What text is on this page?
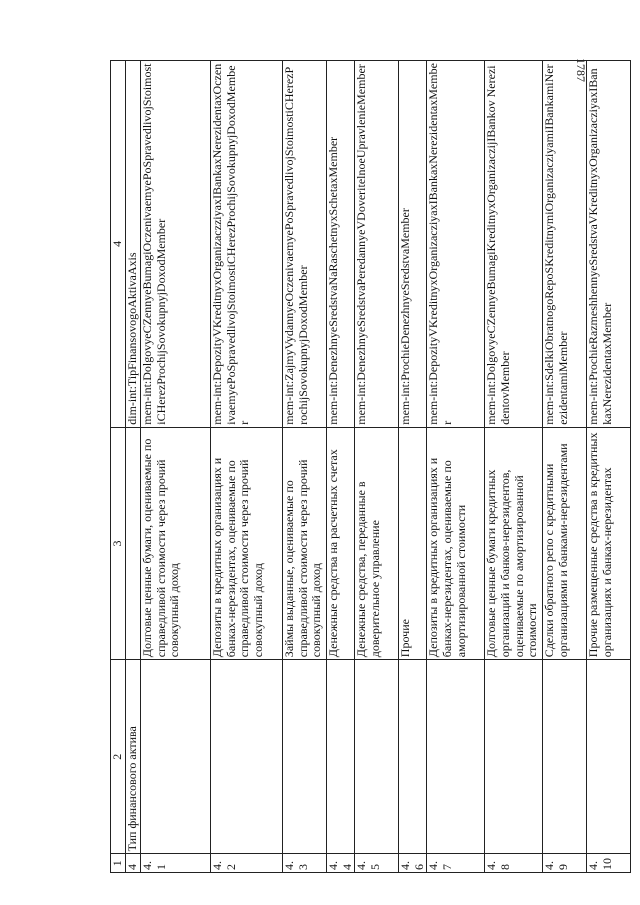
1787
1	2	3	4
4	Тип финансового актива		dim-int:TipFinansovogoAktivaAxis
4.1		Долговые ценные бумаги, оцениваемые по справедливой стоимости через прочий совокупный доход	mem-int:DolgovyeCZennyeBumagiOczenivaemyePoSpravedlivojStoimostiCHerezProchijSovokupnyjDoxodMember
4.2		Депозиты в кредитных организациях и банках-нерезидентах, оцениваемые по справедливой стоимости через прочий совокупный доход	mem-int:DepozityVKreditnyxOrganizaczziyaxIBankaxNerezidentaxOczenivaemyePoSpravedlivojStoimostiCHerezProchijSovokupnyjDoxodMember
4.3		Займы выданные, оцениваемые по справедливой стоимости через прочий совокупный доход	mem-int:ZajmyVydannyeOczenivaemyePoSpravedlivojStoimostiCHerezProchijSovokupnyjDoxodMember
4.4		Денежные средства на расчетных счетах	mem-int:DenezhnyeSredstvaNaRaschetnyxSchetaxMember
4.5		Денежные средства, переданные в доверительное управление	mem-int:DenezhnyeSredstvaPeredannyeVDoveritelnoeUpravlenieMember
4.6		Прочие	mem-int:ProchieDenezhnyeSredstvaMember
4.7		Депозиты в кредитных организациях и банках-нерезидентах, оцениваемые по амортизированной стоимости	mem-int:DepozityVKreditnyxOrganizacziyaxIBankaxNerezidentaxMember
4.8		Долговые ценные бумаги кредитных организаций и банков-нерезидентов, оцениваемые по амортизированной стоимости	mem-int:DolgovyeCZennyeBumagiKreditnyxOrganizaczijIBankov NerezidentovMember
4.9		Сделки обратного репо с кредитными организациями и банками-нерезидентами	mem-int:SdelkiObratnogoRepoSKreditnymiOrganizacziyamiIBankamiNerezidentamiMember
4.10		Прочие размещенные средства в кредитных организациях и банках-нерезидентах	mem-int:ProchieRazmeshhennyeSredstvaVKreditnyxOrganizacziyaxIBankaxNerezidentaxMember
